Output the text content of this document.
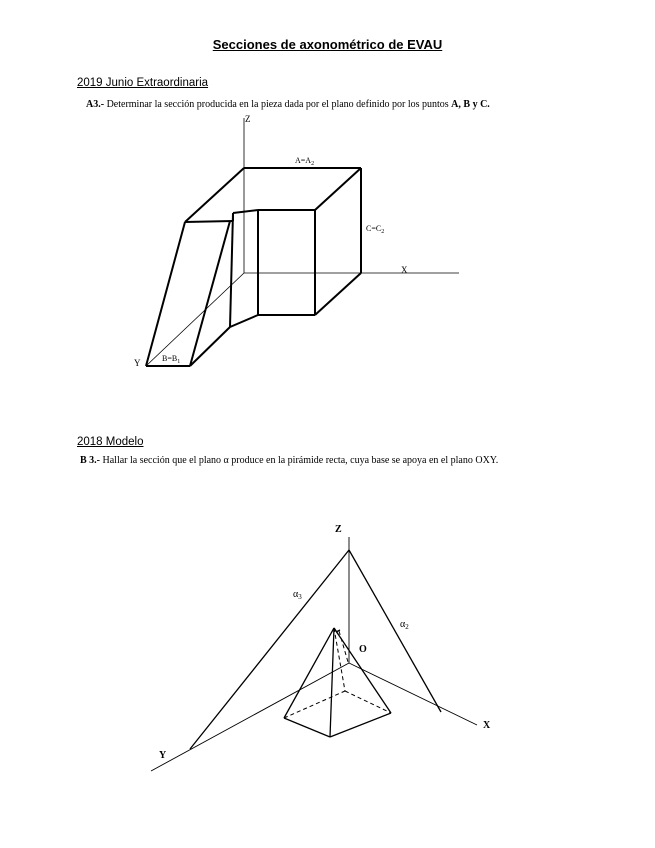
Secciones de axonométrico de EVAU
2019 Junio Extraordinaria
A3.- Determinar la sección producida en la pieza dada por el plano definido por los puntos A, B y C.
2018 Modelo
B 3.- Hallar la sección que el plano α produce en la pirámide recta, cuya base se apoya en el plano OXY.
Z
X
Y
$A=A_2$
$C=C_2$
$B=B_1$
Z
O
X
Y
$\alpha_3$
$\alpha_2$
